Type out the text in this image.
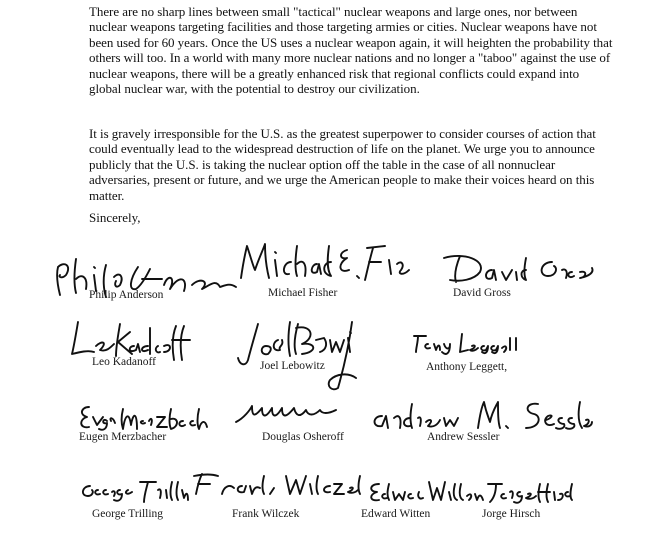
There are no sharp lines between small "tactical" nuclear weapons and large ones, nor between nuclear weapons targeting facilities and those targeting armies or cities. Nuclear weapons have not been used for 60 years. Once the US uses a nuclear weapon again, it will heighten the probability that others will too. In a world with many more nuclear nations and no longer a "taboo" against the use of nuclear weapons, there will be a greatly enhanced risk that regional conflicts could expand into global nuclear war, with the potential to destroy our civilization.

It is gravely irresponsible for the U.S. as the greatest superpower to consider courses of action that could eventually lead to the widespread destruction of life on the planet. We urge you to announce publicly that the U.S. is taking the nuclear option off the table in the case of all nonnuclear adversaries, present or future, and we urge the American people to make their voices heard on this matter.

Sincerely,
Philip Anderson	Michael Fisher	David Gross
Leo Kadanoff	Joel Lebowitz	Anthony Leggett,
Eugen Merzbacher	Douglas Osheroff	Andrew Sessler
George Trilling	Frank Wilczek	Edward Witten	Jorge Hirsch
